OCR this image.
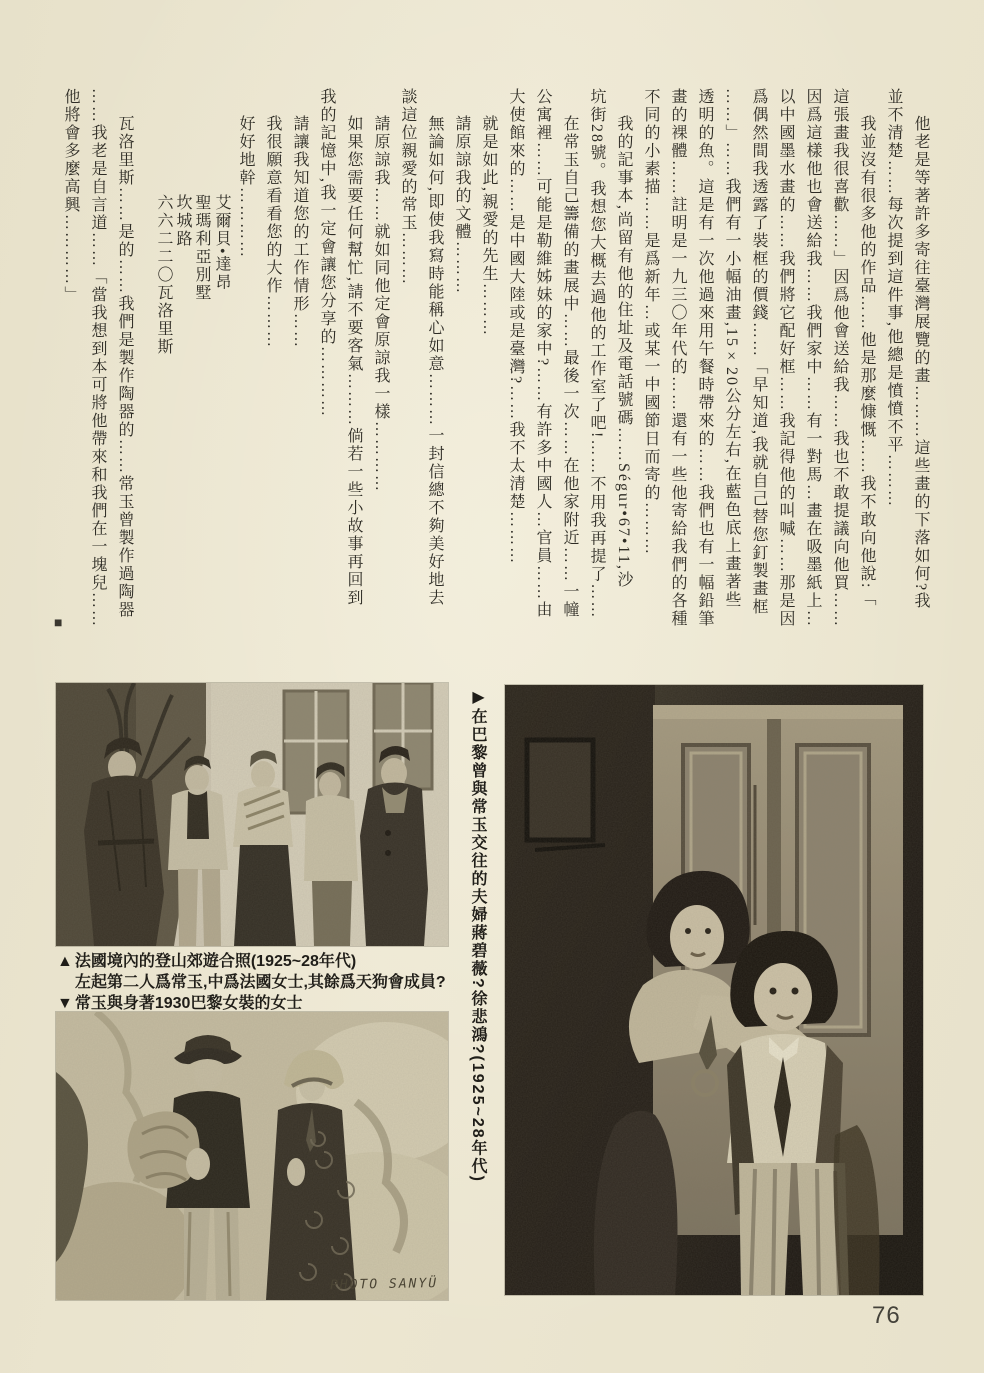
他老是等著許多寄往臺灣展覽的畫………這些畫的下落如何?我
並不清楚……每次提到這件事,他總是憤憤不平………
我並沒有很多他的作品……他是那麼慷慨……我不敢向他說:「
這張畫我很喜歡……」因爲他會送給我……我也不敢提議向他買……
因爲這樣他也會送給我……我們家中……有一對馬…畫在吸墨紙上…
以中國墨水畫的……我們將它配好框……我記得他的叫喊……那是因
爲偶然間我透露了裝框的價錢……「早知道,我就自己替您釘製畫框
……」……我們有一小幅油畫,15×20公分左右,在藍色底上畫著些
透明的魚。這是有一次他過來用午餐時帶來的……我們也有一幅鉛筆
畫的裸體……註明是一九三〇年代的……還有一些他寄給我們的各種
不同的小素描……是爲新年…或某一中國節日而寄的………
我的記事本,尚留有他的住址及電話號碼……Ségur•67•11,沙
坑街28號。我想您大概去過他的工作室了吧!……不用我再提了……
在常玉自己籌備的畫展中……最後一次……在他家附近……一幢
公寓裡……可能是勒維姊妹的家中?……有許多中國人…官員……由
大使館來的……是中國大陸或是臺灣?……我不太清楚………
就是如此,親愛的先生………
請原諒我的文體………
無論如何,即使我寫時能稱心如意………一封信總不夠美好地去
談這位親愛的常玉………
請原諒我……就如同他定會原諒我一樣…………
如果您需要任何幫忙,請不要客氣………倘若一些小故事再回到
我的記憶中,我一定會讓您分享的…………
請讓我知道您的工作情形……
我很願意看看您的大作………
好好地幹…………
艾爾貝•達昂
聖瑪利亞別墅
坎城路
六六二二〇瓦洛里斯
瓦洛里斯……是的……我們是製作陶器的……常玉曾製作過陶器
……我老是自言道……「當我想到本可將他帶來和我們在一塊兒……
他將會多麼高興…………」
■
▲ 法國境內的登山郊遊合照(1925~28年代)
左起第二人爲常玉,中爲法國女士,其餘爲天狗會成員?
▼ 常玉與身著1930巴黎女裝的女士
PHOTO SANYÜ
▶在巴黎曾與常玉交往的夫婦蔣碧薇?徐悲鴻?(1925~28年代)
76
